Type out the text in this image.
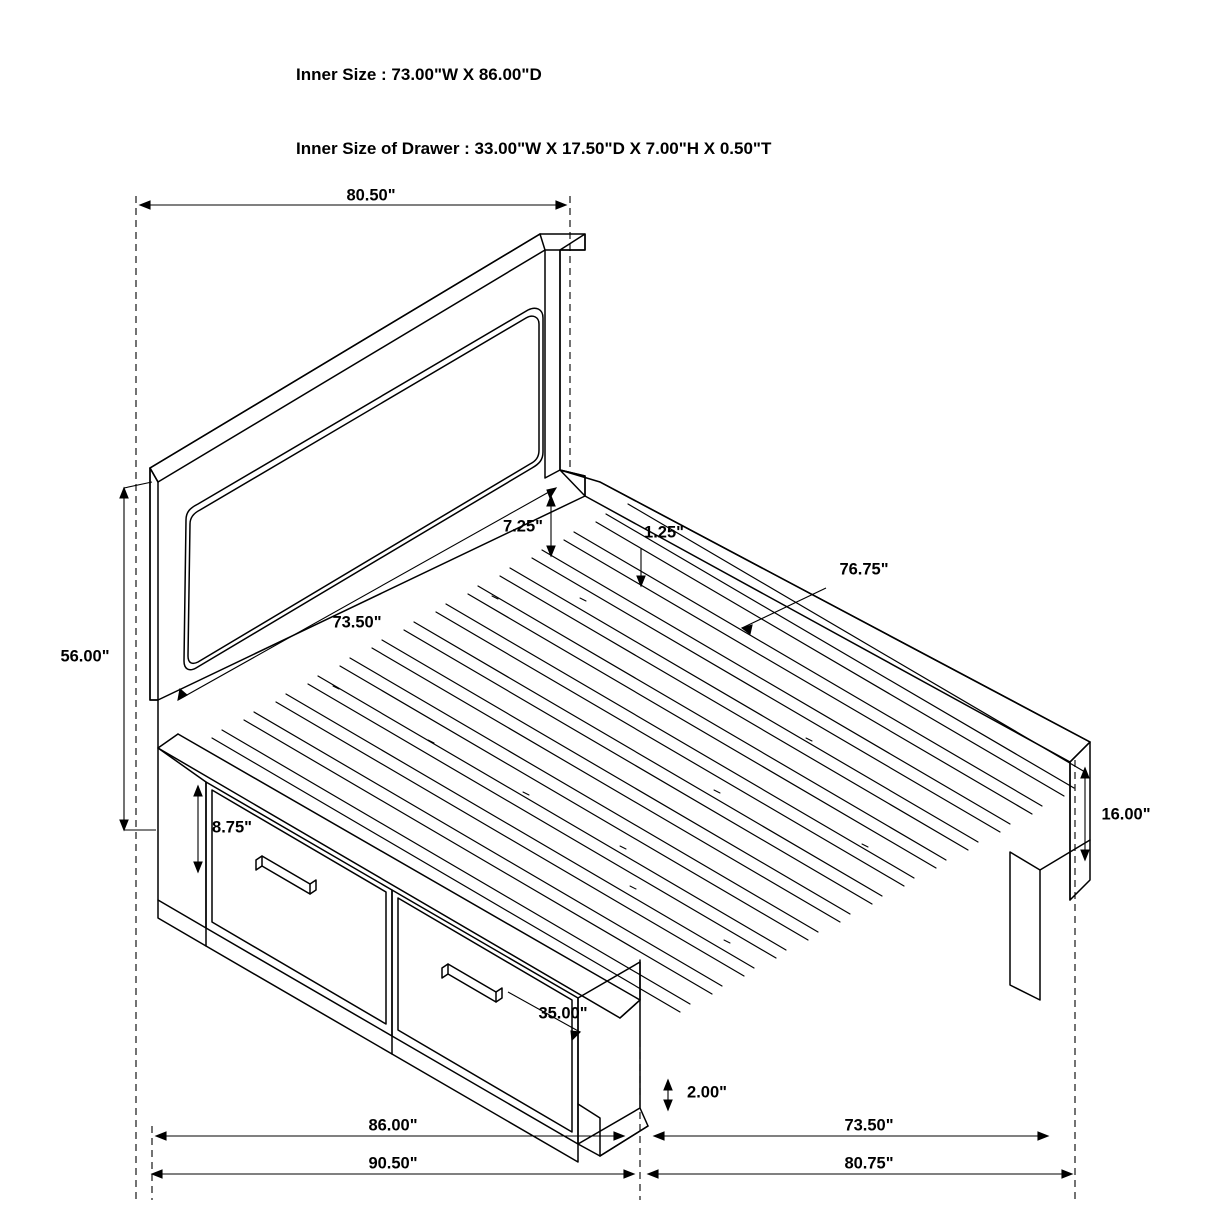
Inner Size : 73.00"W X 86.00"D

Inner Size of Drawer : 33.00"W X 17.50"D X 7.00"H X 0.50"T

80.50"
56.00"
7.25"	1.25"
73.50"
76.75"
8.75"
16.00"
35.00"
2.00"
86.00"	73.50"
90.50"	80.75"
